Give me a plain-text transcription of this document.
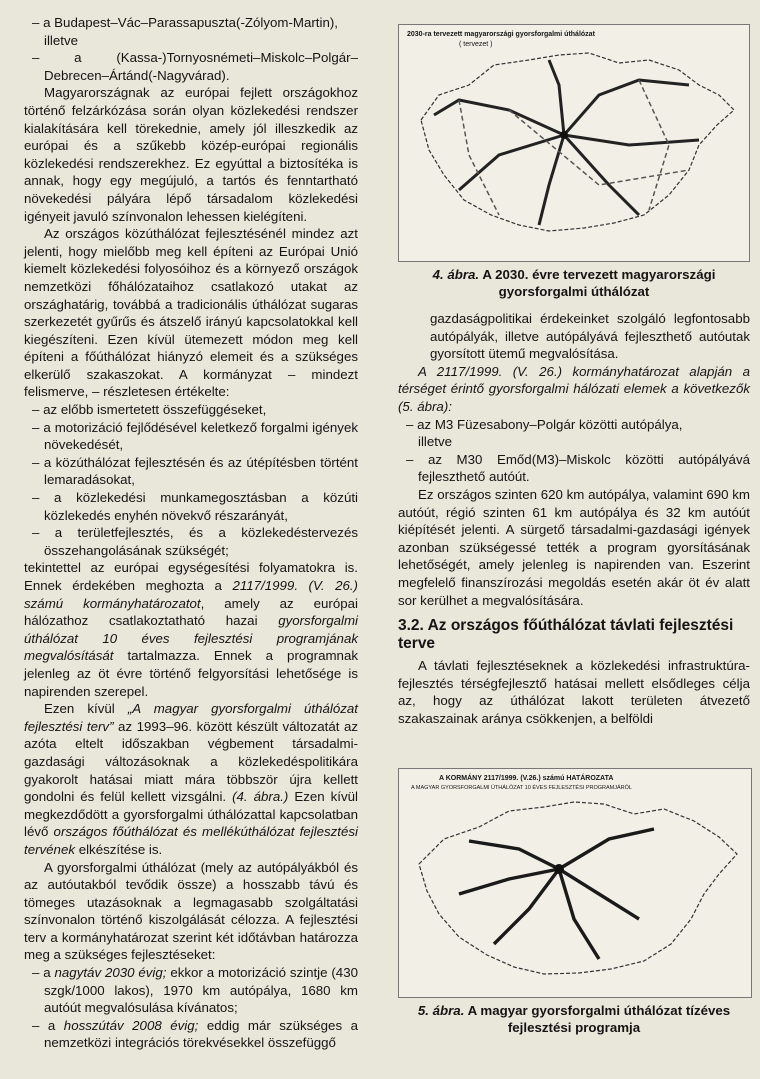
– a Budapest–Vác–Parassapuszta(-Zólyom-Martin),
illetve

– a (Kassa-)Tornyosnémeti–Miskolc–Polgár–Debrecen–Ártánd(-Nagyvárad).

Magyarországnak az európai fejlett országokhoz történő felzárkózása során olyan közlekedési rendszer kialakítására kell törekednie, amely jól illeszkedik az európai és a szűkebb közép-európai regionális közlekedési rendszerekhez. Ez egyúttal a biztosítéka is annak, hogy egy megújuló, a tartós és fenntartható növekedési pályára lépő társadalom közlekedési igényeit javuló színvonalon lehessen kielégíteni.

Az országos közúthálózat fejlesztésénél mindez azt jelenti, hogy mielőbb meg kell építeni az Európai Unió kiemelt közlekedési folyosóihoz és a környező országok nemzetközi főhálózataihoz csatlakozó utakat az országhatárig, továbbá a tradicionális úthálózat sugaras szerkezetét gyűrűs és átszelő irányú kapcsolatokkal kell kiegészíteni. Ezen kívül ütemezett módon meg kell építeni a főúthálózat hiányzó elemeit és a szükséges elkerülő szakaszokat. A kormányzat – mindezt felismerve, – részletesen értékelte:

– az előbb ismertetett összefüggéseket,

– a motorizáció fejlődésével keletkező forgalmi igények növekedését,

– a közúthálózat fejlesztésén és az útépítésben történt lemaradásokat,

– a közlekedési munkamegosztásban a közúti közlekedés enyhén növekvő részarányát,

– a területfejlesztés, és a közlekedéstervezés összehangolásának szükségét;

tekintettel az európai egységesítési folyamatokra is. Ennek érdekében meghozta a 2117/1999. (V. 26.) számú kormányhatározatot, amely az európai hálózathoz csatlakoztatható hazai gyorsforgalmi úthálózat 10 éves fejlesztési programjának megvalósítását tartalmazza. Ennek a programnak jelenleg az öt évre történő felgyorsítási lehetősége is napirenden szerepel.

Ezen kívül „A magyar gyorsforgalmi úthálózat fejlesztési terv” az 1993–96. között készült változatát az azóta eltelt időszakban végbement társadalmi-gazdasági változásoknak a közlekedéspolitikára gyakorolt hatásai miatt mára többször újra kellett gondolni és felül kellett vizsgálni. (4. ábra.) Ezen kívül megkezdődött a gyorsforgalmi úthálózattal kapcsolatban lévő országos főúthálózat és mellékúthálózat fejlesztési tervének elkészítése is.

A gyorsforgalmi úthálózat (mely az autópályákból és az autóutakból tevődik össze) a hosszabb távú és tömeges utazásoknak a legmagasabb szolgáltatási színvonalon történő kiszolgálását célozza. A fejlesztési terv a kormányhatározat szerint két időtávban határozza meg a szükséges fejlesztéseket:

– a nagytáv 2030 évig; ekkor a motorizáció szintje (430 szgk/1000 lakos), 1970 km autópálya, 1680 km autóút megvalósulása kívánatos;

– a hosszútáv 2008 évig; eddig már szükséges a nemzetközi integrációs törekvésekkel összefüggő

2030-ra tervezett magyarországi gyorsforgalmi úthálózat
( tervezet )
4. ábra. A 2030. évre tervezett magyarországi gyorsforgalmi úthálózat

gazdaságpolitikai érdekeinket szolgáló legfontosabb autópályák, illetve autópályává fejleszthető autóutak gyorsított ütemű megvalósítása.

A 2117/1999. (V. 26.) kormányhatározat alapján a térséget érintő gyorsforgalmi hálózati elemek a következők (5. ábra):

– az M3 Füzesabony–Polgár közötti autópálya,
illetve

– az M30 Emőd(M3)–Miskolc közötti autópályává fejleszthető autóút.

Ez országos szinten 620 km autópálya, valamint 690 km autóút, régió szinten 61 km autópálya és 32 km autóút kiépítését jelenti. A sürgető társadalmi-gazdasági igények azonban szükségessé tették a program gyorsításának lehetőségét, amely jelenleg is napirenden van. Eszerint megfelelő finanszírozási megoldás esetén akár öt év alatt sor kerülhet a megvalósítására.

3.2. Az országos főúthálózat távlati fejlesztési terve

A távlati fejlesztéseknek a közlekedési infrastruktúra-fejlesztés térségfejlesztő hatásai mellett elsődleges célja az, hogy az úthálózat lakott területen átvezető szakaszainak aránya csökkenjen, a belföldi

A KORMÁNY 2117/1999. (V.26.) számú HATÁROZATA
A MAGYAR GYORSFORGALMI ÚTHÁLÓZAT 10 ÉVES FEJLESZTÉSI PROGRAMJÁRÓL
5. ábra. A magyar gyorsforgalmi úthálózat tízéves fejlesztési programja
